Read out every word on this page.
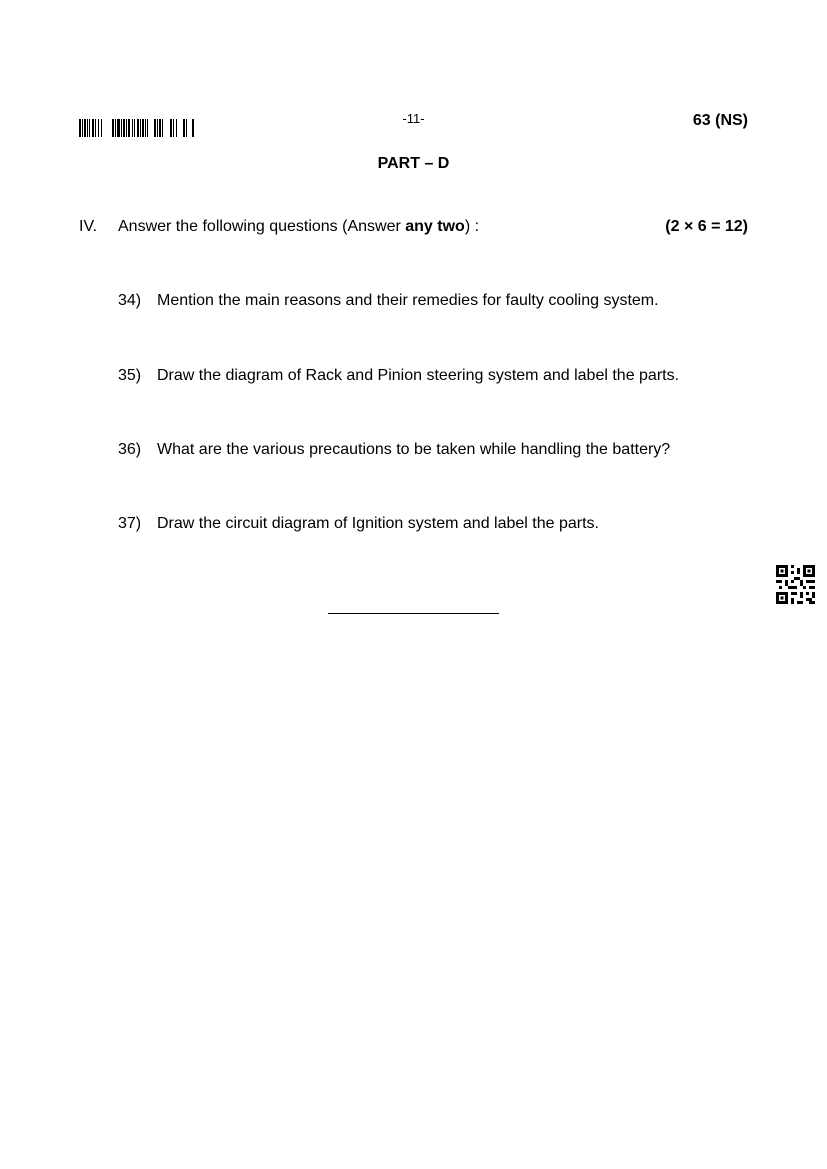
-11-	63 (NS)
PART – D
IV. Answer the following questions (Answer any two) :	(2 × 6 = 12)
34) Mention the main reasons and their remedies for faulty cooling system.
35) Draw the diagram of Rack and Pinion steering system and label the parts.
36) What are the various precautions to be taken while handling the battery?
37) Draw the circuit diagram of Ignition system and label the parts.
